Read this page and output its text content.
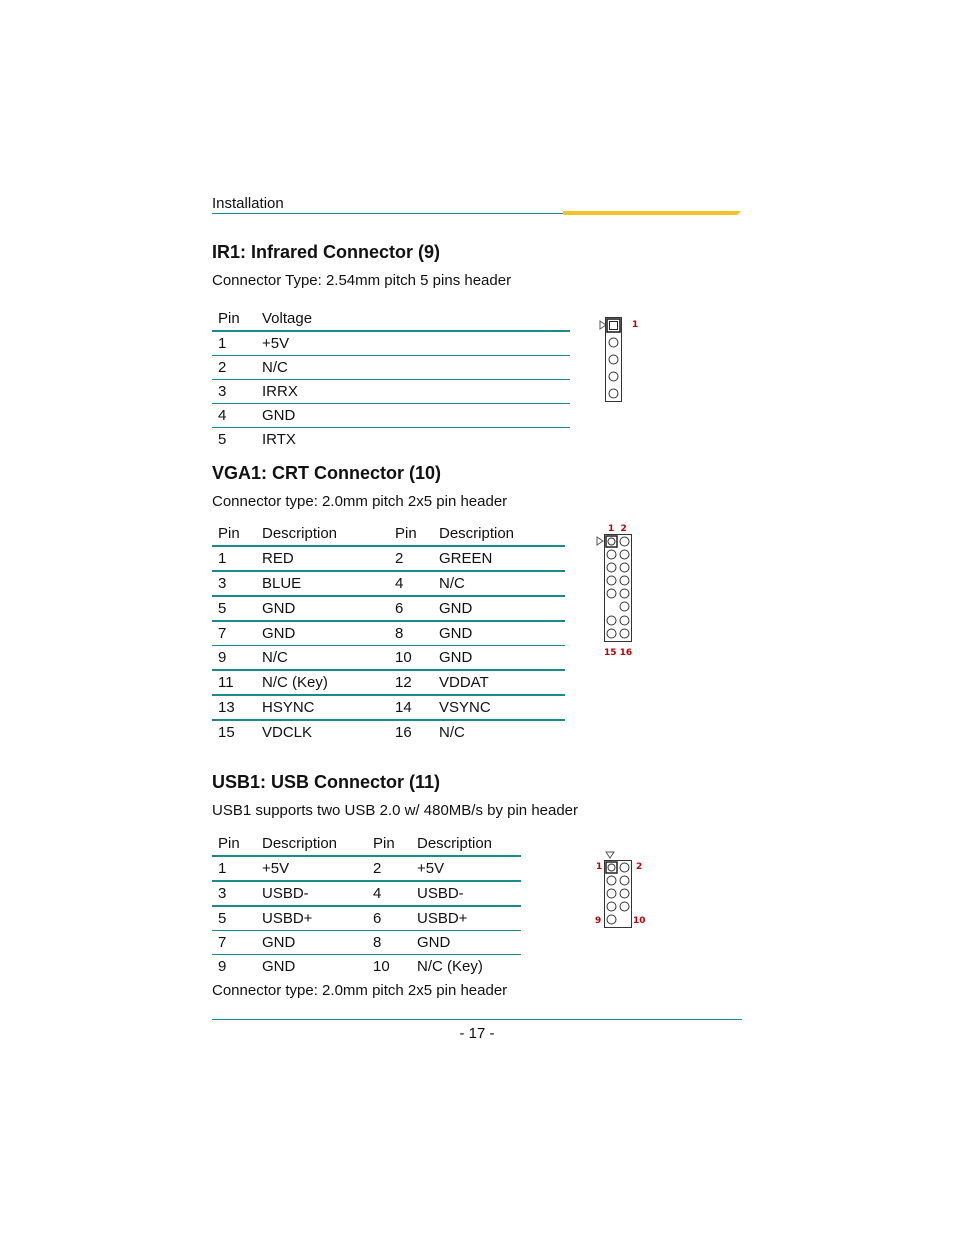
Installation
IR1: Infrared Connector (9)
Connector Type: 2.54mm pitch 5 pins header
Pin	Voltage
1	+5V
2	N/C
3	IRRX
4	GND
5	IRTX
1
VGA1: CRT Connector (10)
Connector type: 2.0mm pitch 2x5 pin header
Pin	Description	Pin	Description
1	RED	2	GREEN
3	BLUE	4	N/C
5	GND	6	GND
7	GND	8	GND
9	N/C	10	GND
11	N/C (Key)	12	VDDAT
13	HSYNC	14	VSYNC
15	VDCLK	16	N/C
1  2
15 16
USB1: USB Connector (11)
USB1 supports two USB 2.0 w/ 480MB/s by pin header
Pin	Description	Pin	Description
1	+5V	2	+5V
3	USBD-	4	USBD-
5	USBD+	6	USBD+
7	GND	8	GND
9	GND	10	N/C (Key)
1	2
9	10
Connector type: 2.0mm pitch 2x5 pin header
- 17 -
